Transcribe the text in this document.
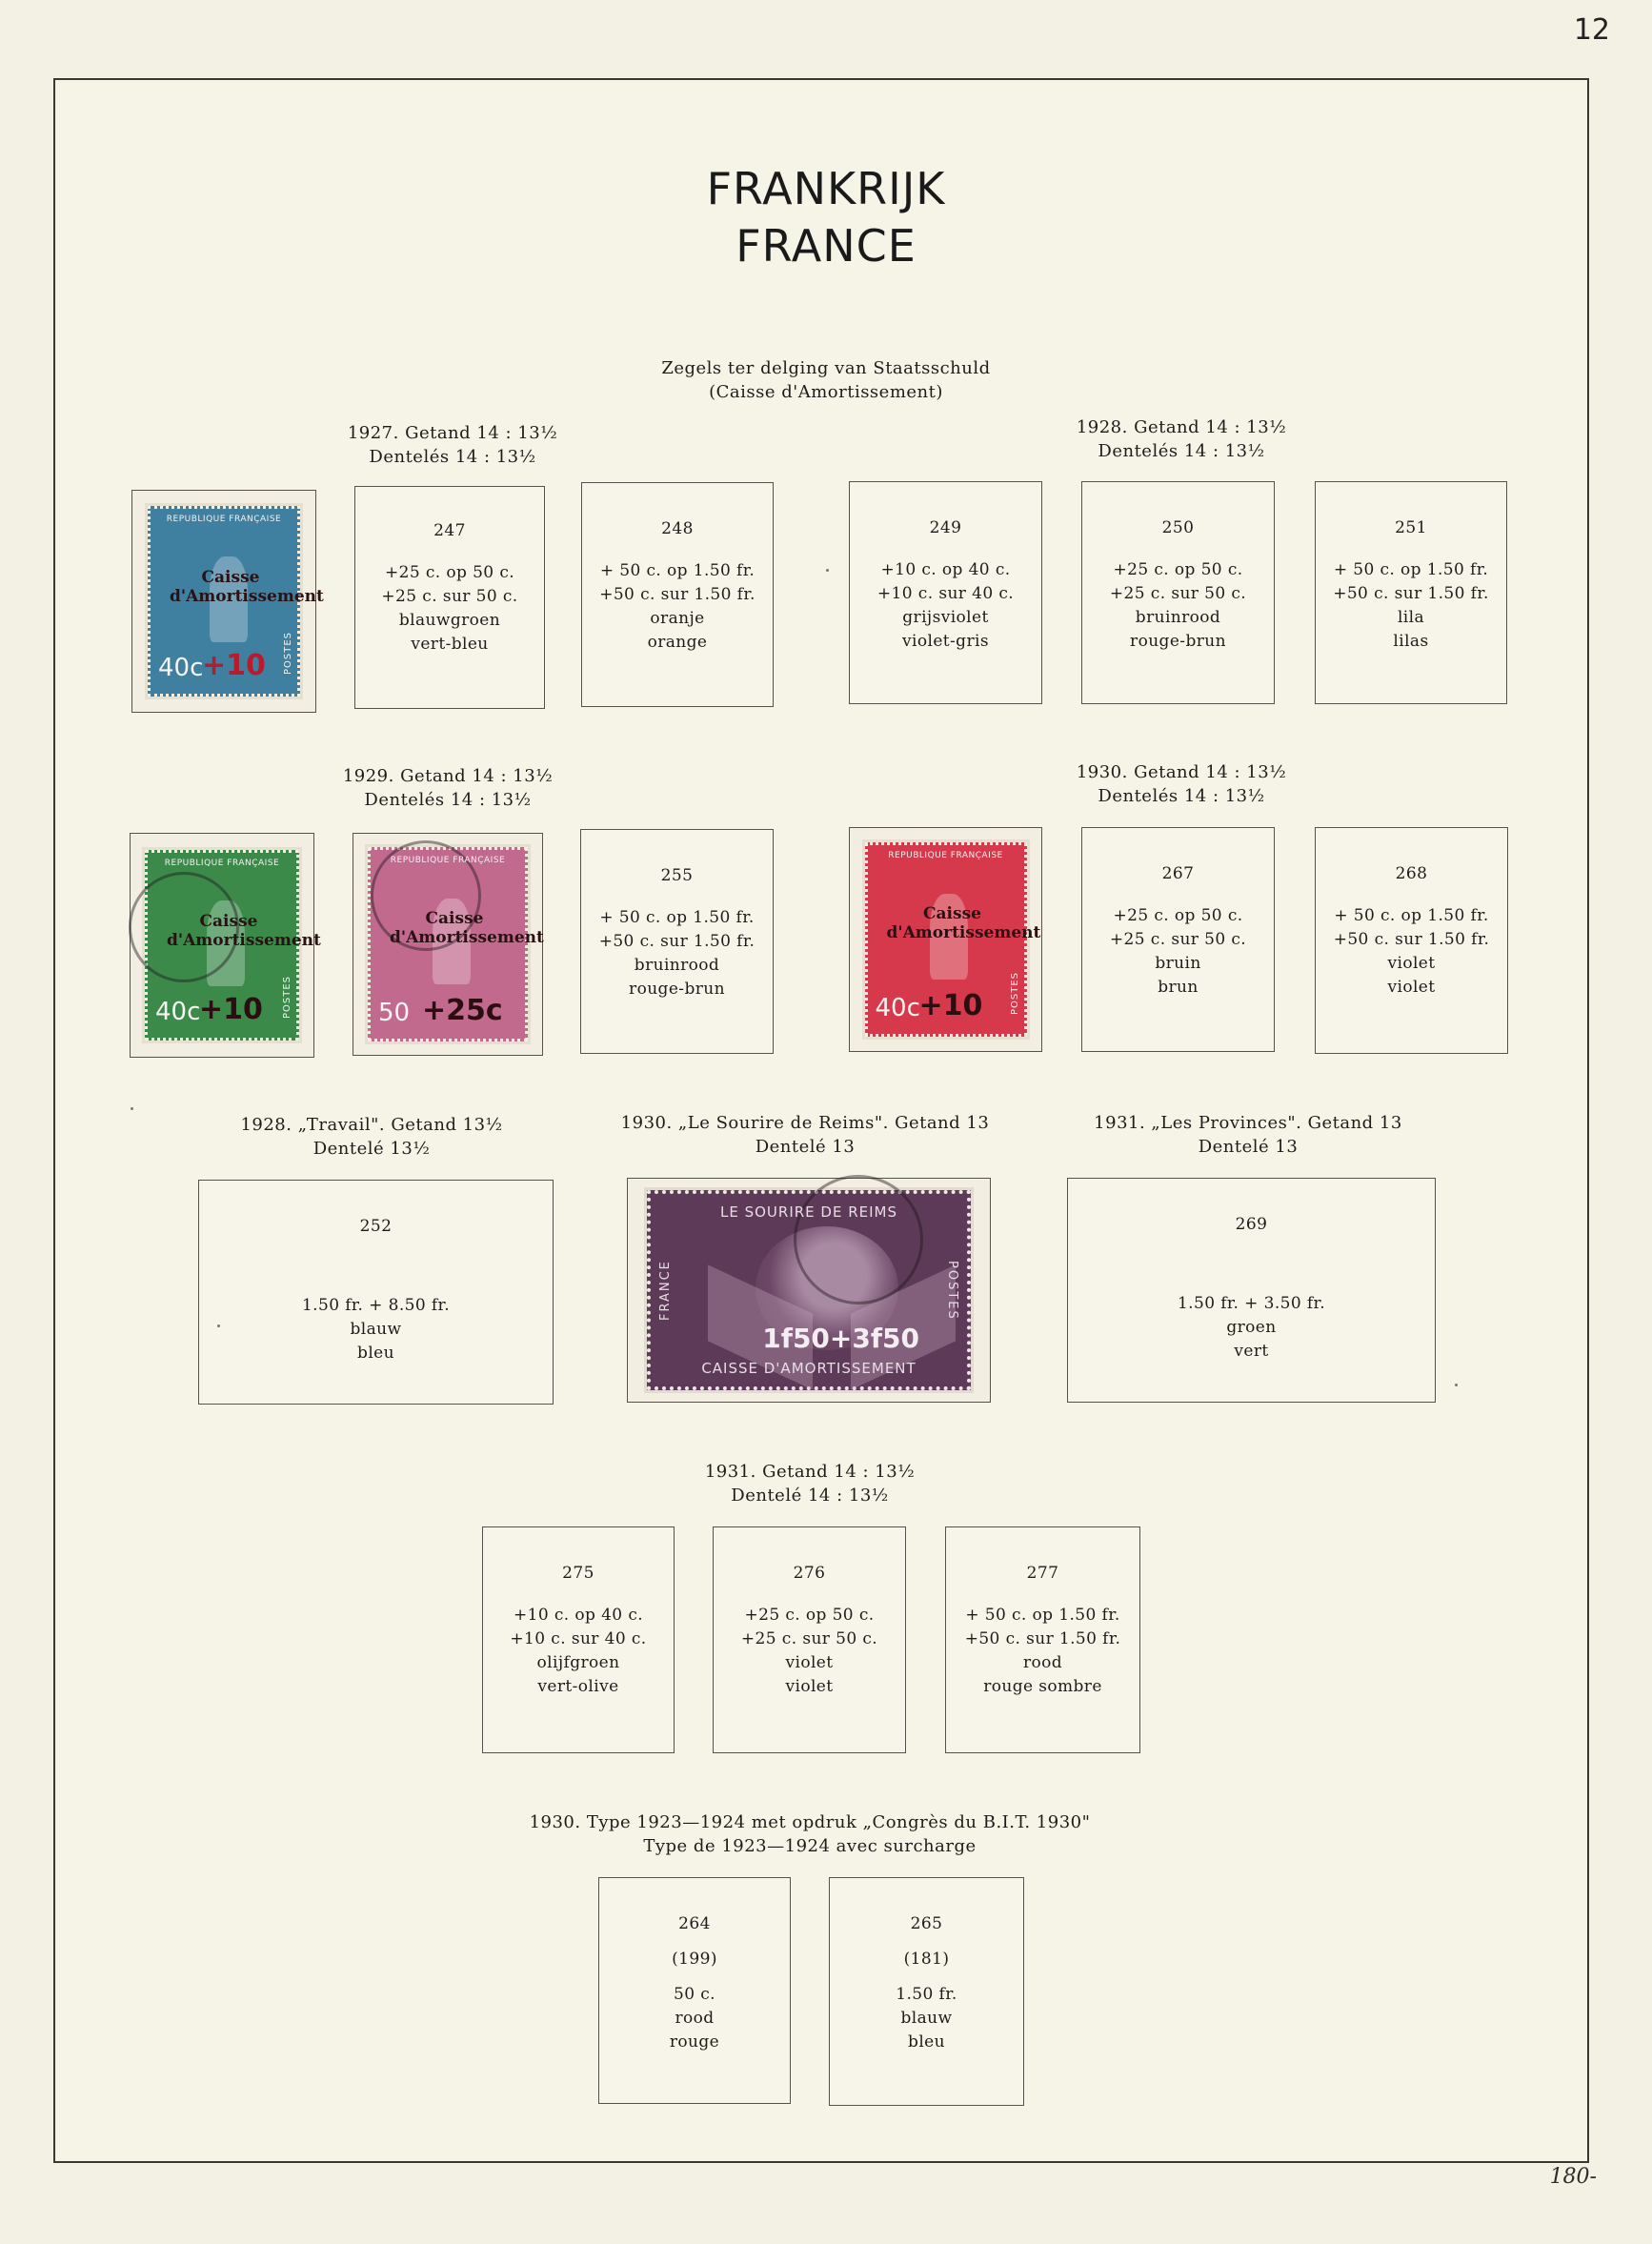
12
FRANKRIJK
FRANCE
Zegels ter delging van Staatsschuld
(Caisse d'Amortissement)
1927. Getand 14 : 13½
Dentelés 14 : 13½
1928. Getand 14 : 13½
Dentelés 14 : 13½
REPUBLIQUE FRANÇAISE
Caisse d'Amortissement
40c
+10 POSTES
247
+25 c. op 50 c.
+25 c. sur 50 c.
blauwgroen
vert-bleu
248
+ 50 c. op 1.50 fr.
+50 c. sur 1.50 fr.
oranje
orange
249
+10 c. op 40 c.
+10 c. sur 40 c.
grijsviolet
violet-gris
250
+25 c. op 50 c.
+25 c. sur 50 c.
bruinrood
rouge-brun
251
+ 50 c. op 1.50 fr.
+50 c. sur 1.50 fr.
lila
lilas
1929. Getand 14 : 13½
Dentelés 14 : 13½
1930. Getand 14 : 13½
Dentelés 14 : 13½
REPUBLIQUE FRANÇAISE
Caisse d'Amortissement
40c
+10 POSTES
REPUBLIQUE FRANÇAISE
Caisse d'Amortissement
50 +25c
255
+ 50 c. op 1.50 fr.
+50 c. sur 1.50 fr.
bruinrood
rouge-brun
REPUBLIQUE FRANÇAISE
Caisse d'Amortissement
40c
+10	POSTES
267
+25 c. op 50 c.
+25 c. sur 50 c.
bruin
brun
268
+ 50 c. op 1.50 fr.
+50 c. sur 1.50 fr.
violet
violet
1928. „Travail". Getand 13½
Dentelé 13½
1930. „Le Sourire de Reims". Getand 13
Dentelé 13
1931. „Les Provinces". Getand 13
Dentelé 13
252
1.50 fr. + 8.50 fr.
blauw
bleu
LE SOURIRE DE REIMS
CAISSE D'AMORTISSEMENT
FRANCE	POSTES
1f50+3f50
269
1.50 fr. + 3.50 fr.
groen
vert
1931. Getand 14 : 13½
Dentelé 14 : 13½
275
+10 c. op 40 c.
+10 c. sur 40 c.
olijfgroen
vert-olive
276
+25 c. op 50 c.
+25 c. sur 50 c.
violet
violet
277
+ 50 c. op 1.50 fr.
+50 c. sur 1.50 fr.
rood
rouge sombre
1930. Type 1923—1924 met opdruk „Congrès du B.I.T. 1930"
Type de 1923—1924 avec surcharge
264
(199)
50 c.
rood
rouge
265
(181)
1.50 fr.
blauw
bleu
180-
